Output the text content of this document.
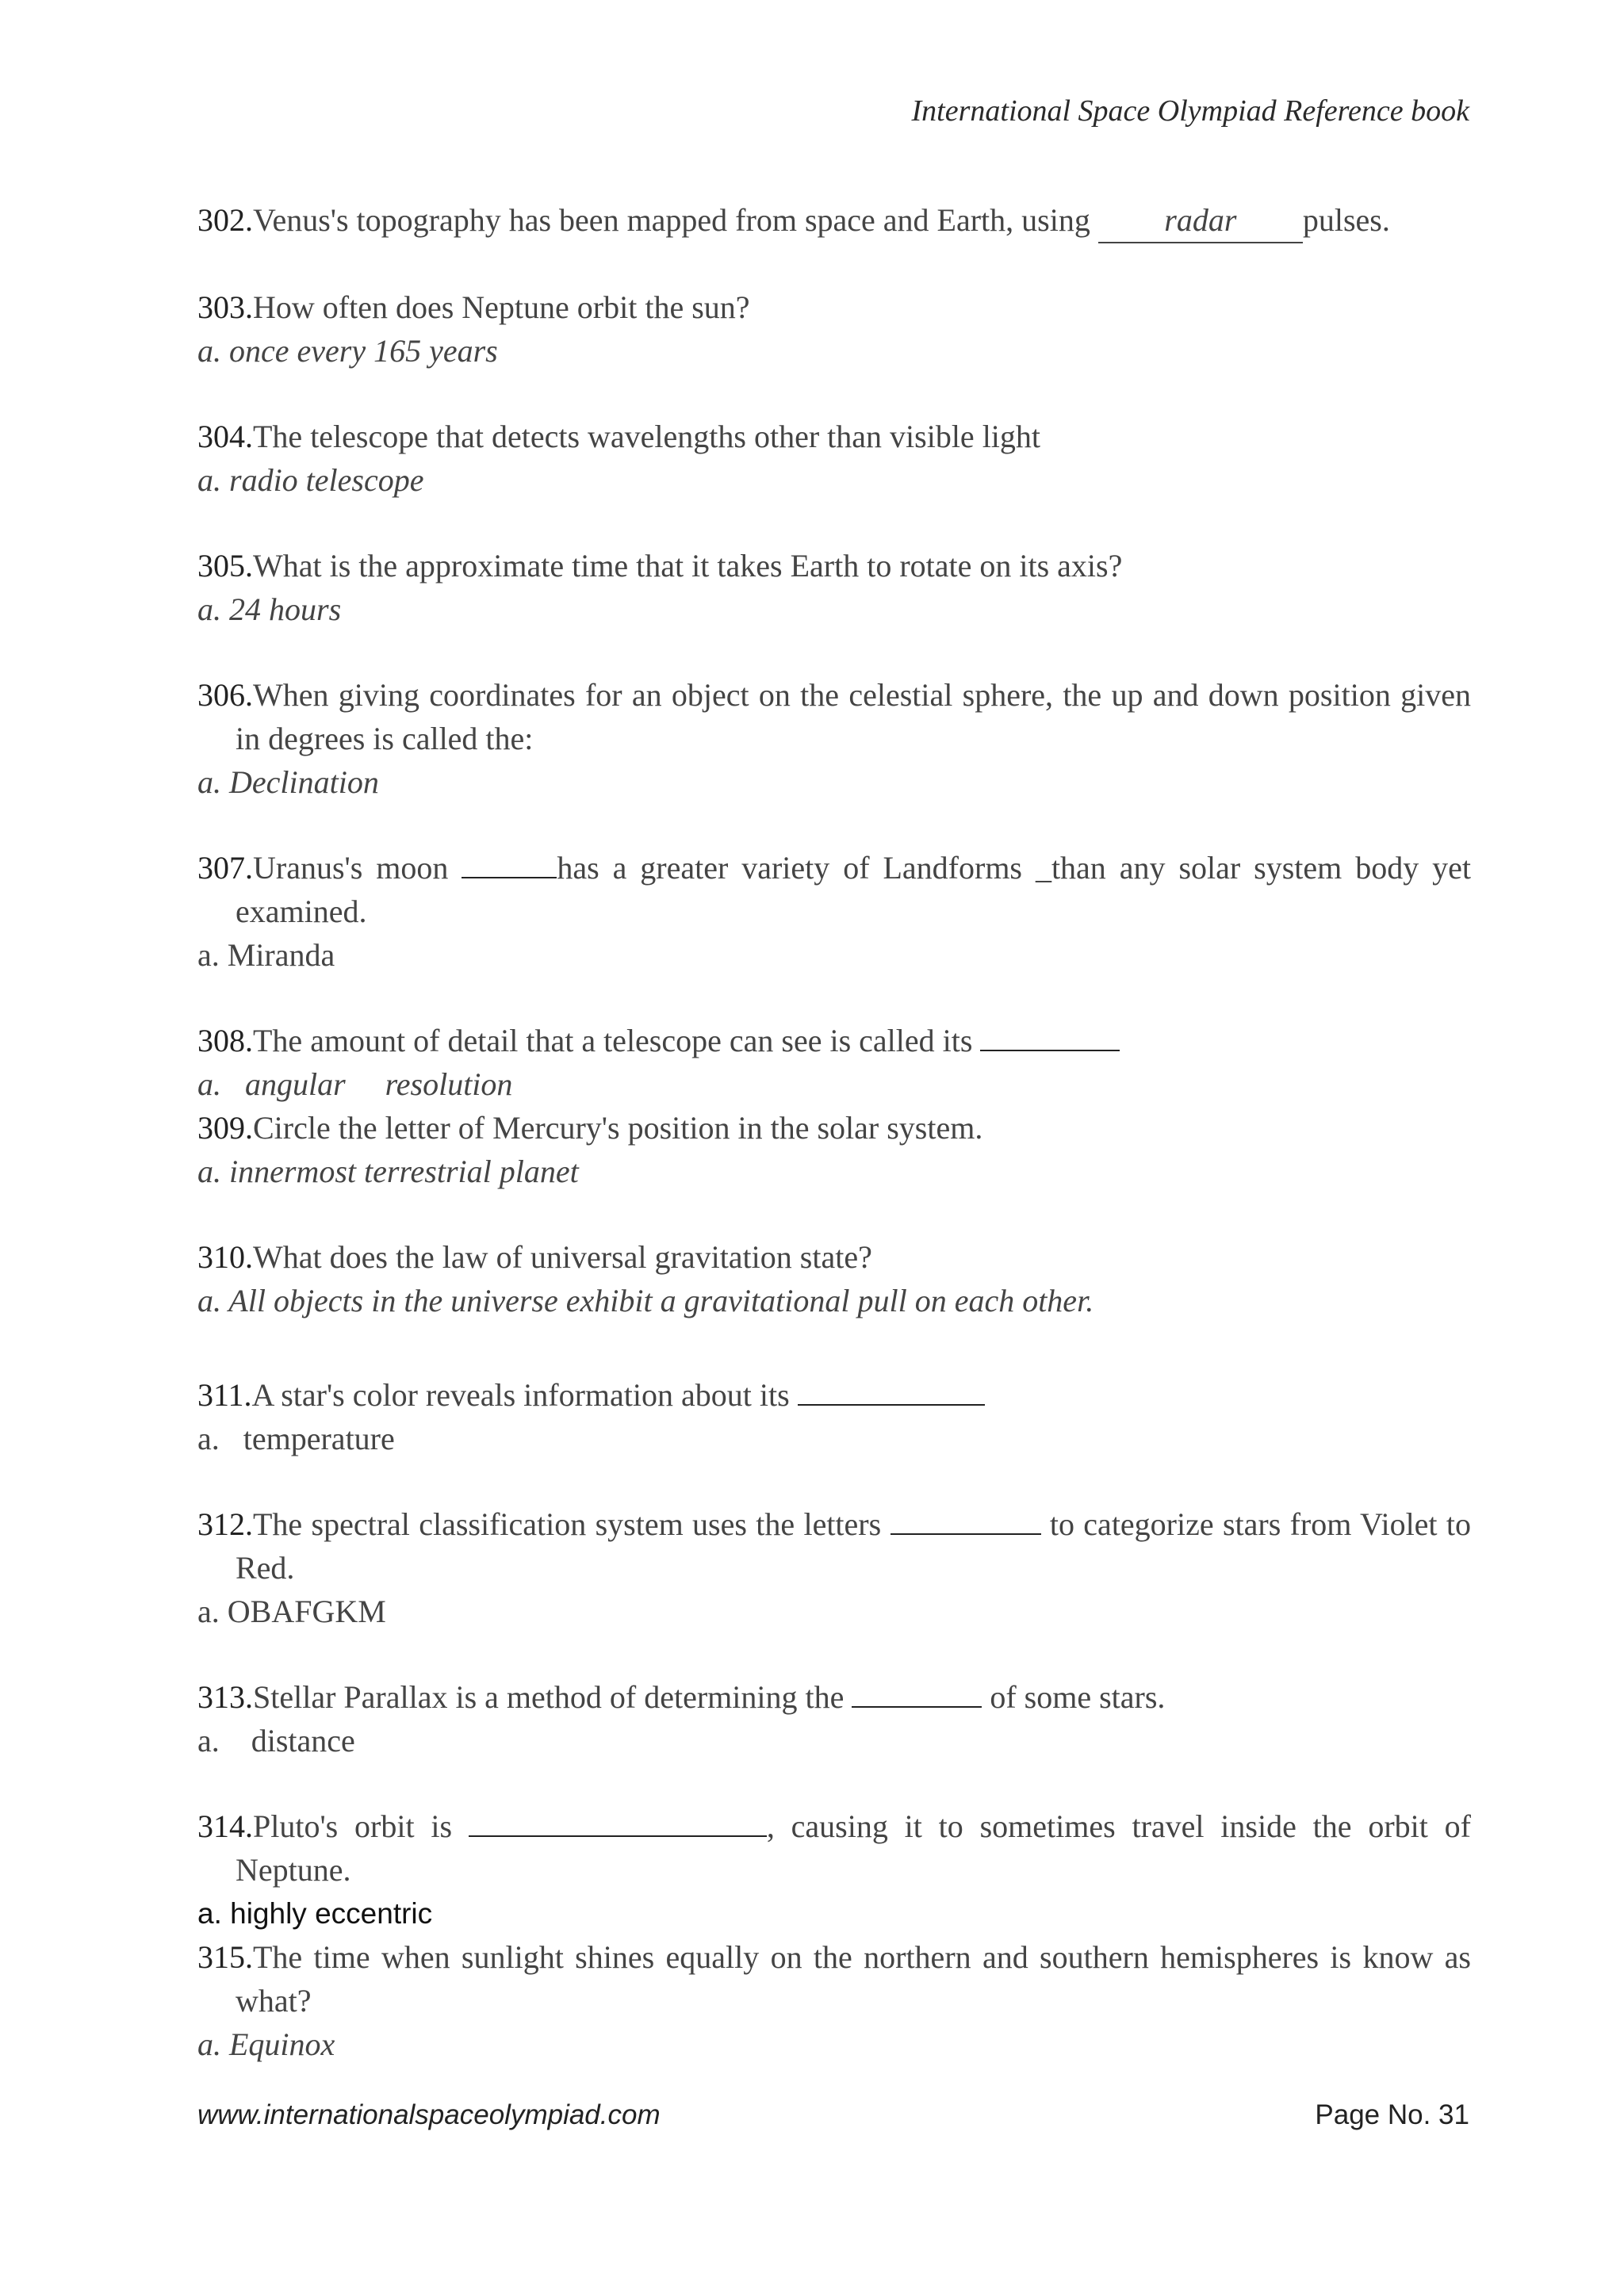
International Space Olympiad Reference book

302.Venus's topography has been mapped from space and Earth, using radar pulses.

303.How often does Neptune orbit the sun?

a. once every 165 years

304.The telescope that detects wavelengths other than visible light

a. radio telescope

305.What is the approximate time that it takes Earth to rotate on its axis?

a. 24 hours

306.When giving coordinates for an object on the celestial sphere, the up and down position given in degrees is called the:

a. Declination

307.Uranus's moon	has a greater variety of Landforms _than any solar system body yet examined.

a. Miranda

308.The amount of detail that a telescope can see is called its

a.   angular     resolution

309.Circle the letter of Mercury's position in the solar system.

a. innermost terrestrial planet

310.What does the law of universal gravitation state?

a. All objects in the universe exhibit a gravitational pull on each other.

311.A star's color reveals information about its

a.   temperature

312.The spectral classification system uses the letters	to categorize stars from Violet to Red.

a. OBAFGKM

313.Stellar Parallax is a method of determining the	of some stars.

a.    distance

314.Pluto's orbit is	, causing it to sometimes travel inside the orbit of Neptune.

a. highly eccentric

315.The time when sunlight shines equally on the northern and southern hemispheres is know as what?

a. Equinox

www.internationalspaceolympiad.com	Page No. 31
